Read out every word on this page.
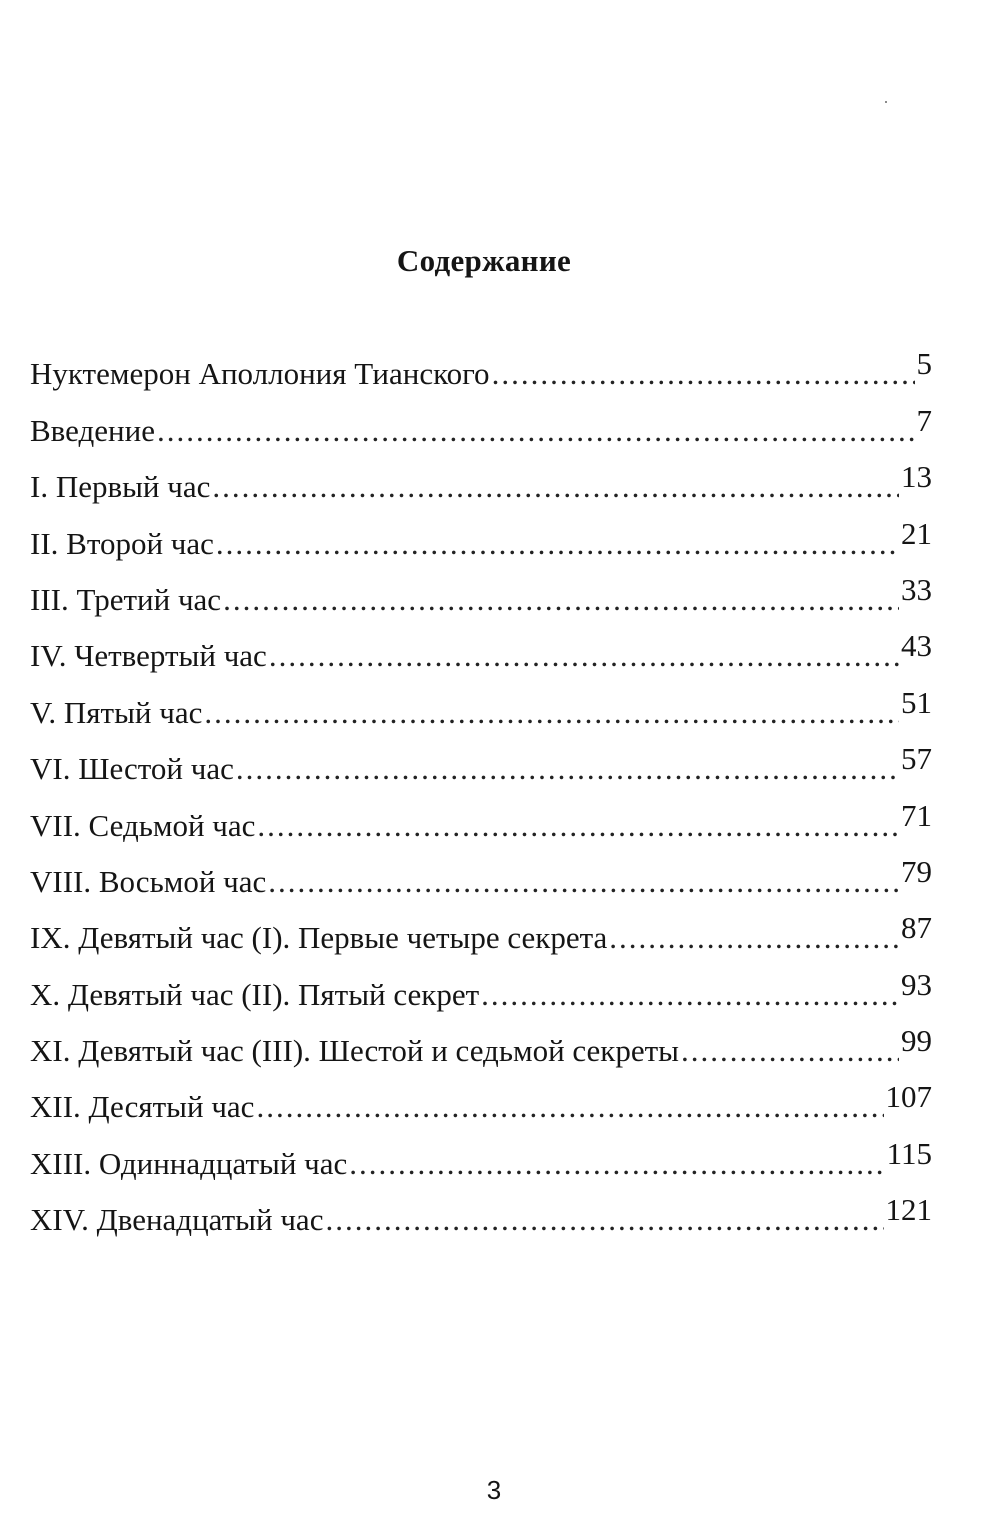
Содержание
Нуктемерон Аполлония Тианского .....	5
Введение .....	7
I. Первый час .....	13
II. Второй час .....	21
III. Третий час .....	33
IV. Четвертый час .....	43
V. Пятый час .....	51
VI. Шестой час .....	57
VII. Седьмой час .....	71
VIII. Восьмой час .....	79
IX. Девятый час (I). Первые четыре секрета .....	87
X. Девятый час (II). Пятый секрет .....	93
XI. Девятый час (III). Шестой и седьмой секреты .....	99
XII. Десятый час .....	107
XIII. Одиннадцатый час .....	115
XIV. Двенадцатый час .....	121
3
